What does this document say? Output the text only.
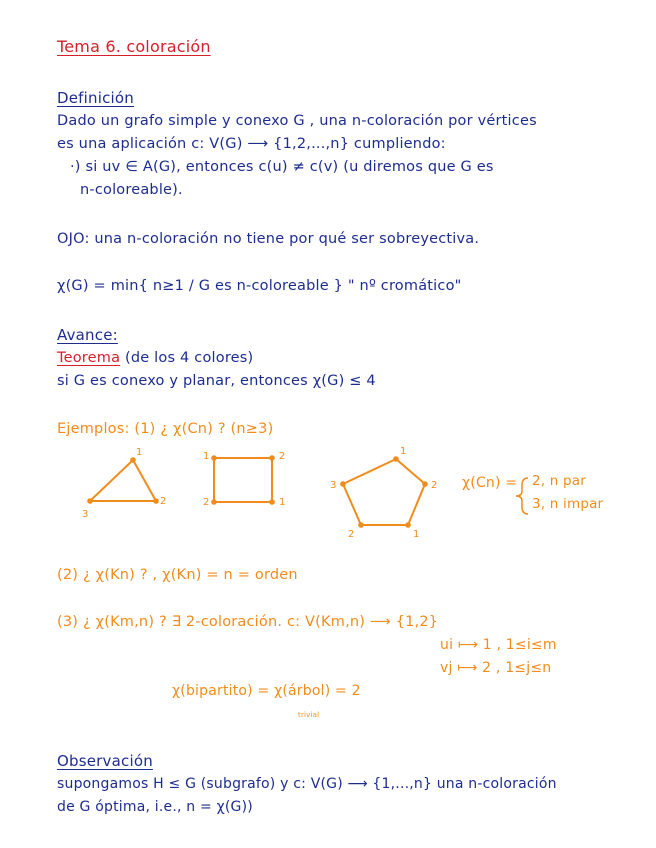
Tema 6. coloración
Definición
Dado un grafo simple y conexo G , una n-coloración por vértices
es una aplicación c: V(G) ⟶ {1,2,...,n} cumpliendo:
·) si uv ∈ A(G), entonces c(u) ≠ c(v) (u diremos que G es
n-coloreable).
OJO: una n-coloración no tiene por qué ser sobreyectiva.
χ(G) = min{ n≥1 / G es n-coloreable } " nº cromático"
Avance:
Teorema (de los 4 colores)
si G es conexo y planar, entonces χ(G) ≤ 4
Ejemplos: (1) ¿ χ(Cn) ? (n≥3)
1
2
3
1	2
2	1
1
2
1
2
3	χ(Cn) = 2, n par
3, n impar
(2) ¿ χ(Kn) ? , χ(Kn) = n = orden
(3) ¿ χ(Km,n) ? ∃ 2-coloración. c: V(Km,n) ⟶ {1,2}
ui ⟼ 1 , 1≤i≤m
vj ⟼ 2 , 1≤j≤n
χ(bipartito) = χ(árbol) = 2
trivial
Observación
supongamos H ≤ G (subgrafo) y c: V(G) ⟶ {1,...,n} una n-coloración
de G óptima, i.e., n = χ(G))
